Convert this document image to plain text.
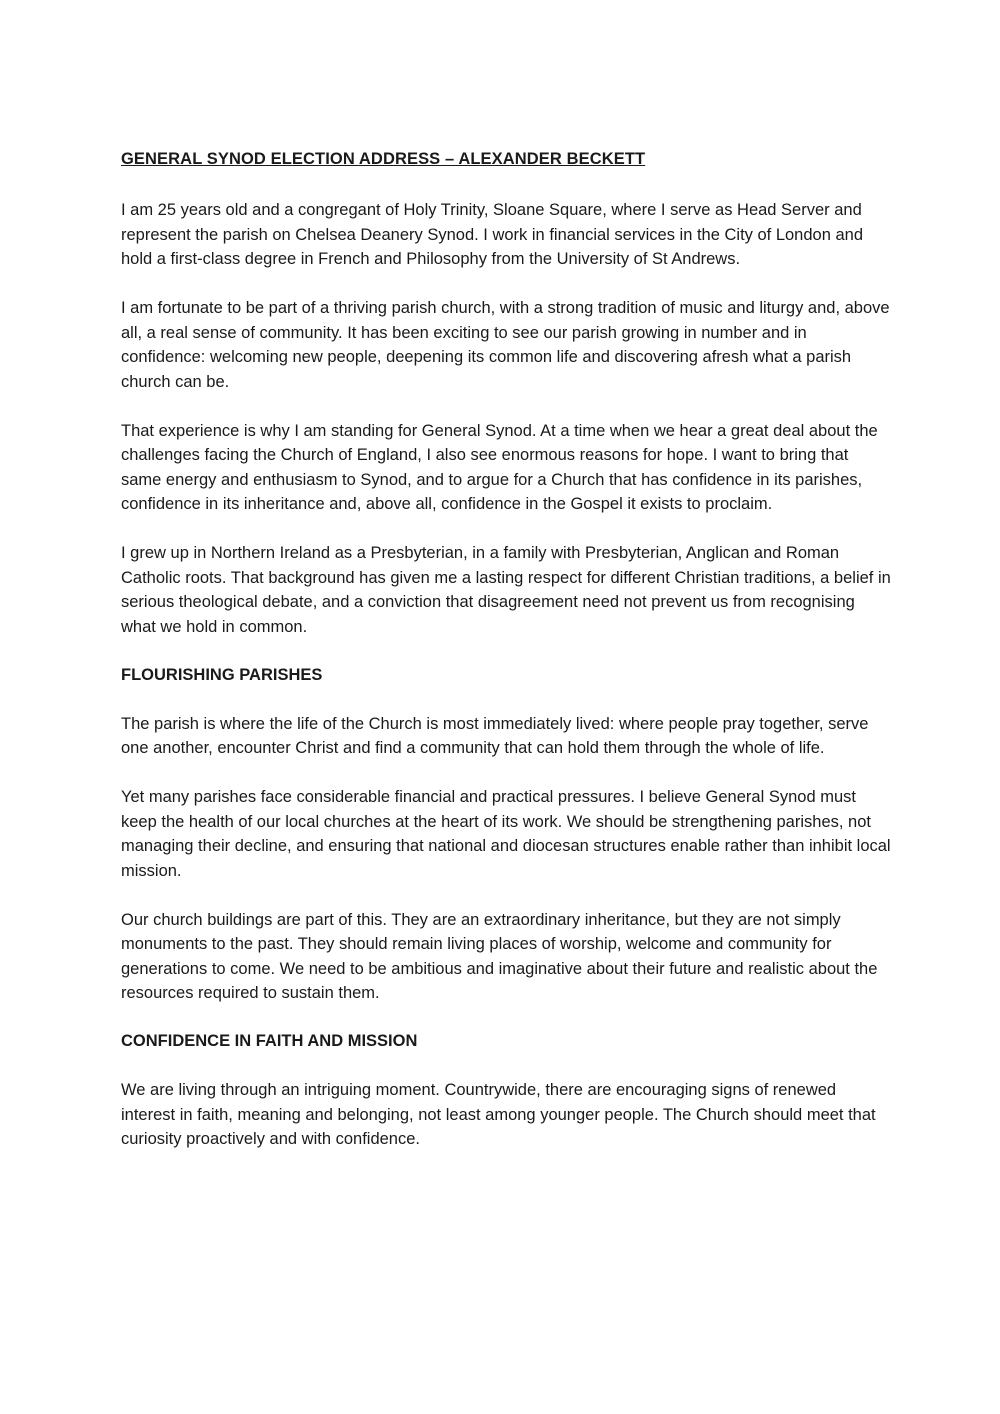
GENERAL SYNOD ELECTION ADDRESS – ALEXANDER BECKETT

I am 25 years old and a congregant of Holy Trinity, Sloane Square, where I serve as Head Server and represent the parish on Chelsea Deanery Synod. I work in financial services in the City of London and hold a first-class degree in French and Philosophy from the University of St Andrews.

I am fortunate to be part of a thriving parish church, with a strong tradition of music and liturgy and, above all, a real sense of community. It has been exciting to see our parish growing in number and in confidence: welcoming new people, deepening its common life and discovering afresh what a parish church can be.

That experience is why I am standing for General Synod. At a time when we hear a great deal about the challenges facing the Church of England, I also see enormous reasons for hope. I want to bring that same energy and enthusiasm to Synod, and to argue for a Church that has confidence in its parishes, confidence in its inheritance and, above all, confidence in the Gospel it exists to proclaim.

I grew up in Northern Ireland as a Presbyterian, in a family with Presbyterian, Anglican and Roman Catholic roots. That background has given me a lasting respect for different Christian traditions, a belief in serious theological debate, and a conviction that disagreement need not prevent us from recognising what we hold in common.

FLOURISHING PARISHES

The parish is where the life of the Church is most immediately lived: where people pray together, serve one another, encounter Christ and find a community that can hold them through the whole of life.

Yet many parishes face considerable financial and practical pressures. I believe General Synod must keep the health of our local churches at the heart of its work. We should be strengthening parishes, not managing their decline, and ensuring that national and diocesan structures enable rather than inhibit local mission.

Our church buildings are part of this. They are an extraordinary inheritance, but they are not simply monuments to the past. They should remain living places of worship, welcome and community for generations to come. We need to be ambitious and imaginative about their future and realistic about the resources required to sustain them.

CONFIDENCE IN FAITH AND MISSION

We are living through an intriguing moment. Countrywide, there are encouraging signs of renewed interest in faith, meaning and belonging, not least among younger people. The Church should meet that curiosity proactively and with confidence.
